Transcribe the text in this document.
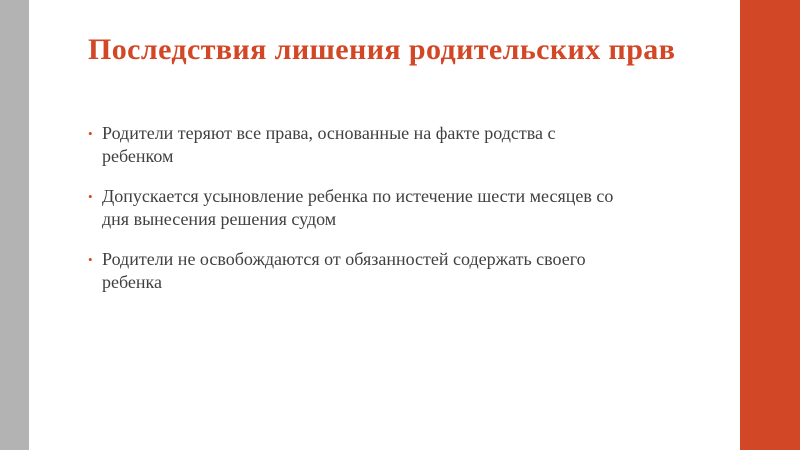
Последствия лишения родительских прав
• Родители теряют все права, основанные на факте родства с ребенком
• Допускается усыновление ребенка по истечение шести месяцев со дня вынесения решения судом
• Родители не освобождаются от обязанностей содержать своего ребенка
